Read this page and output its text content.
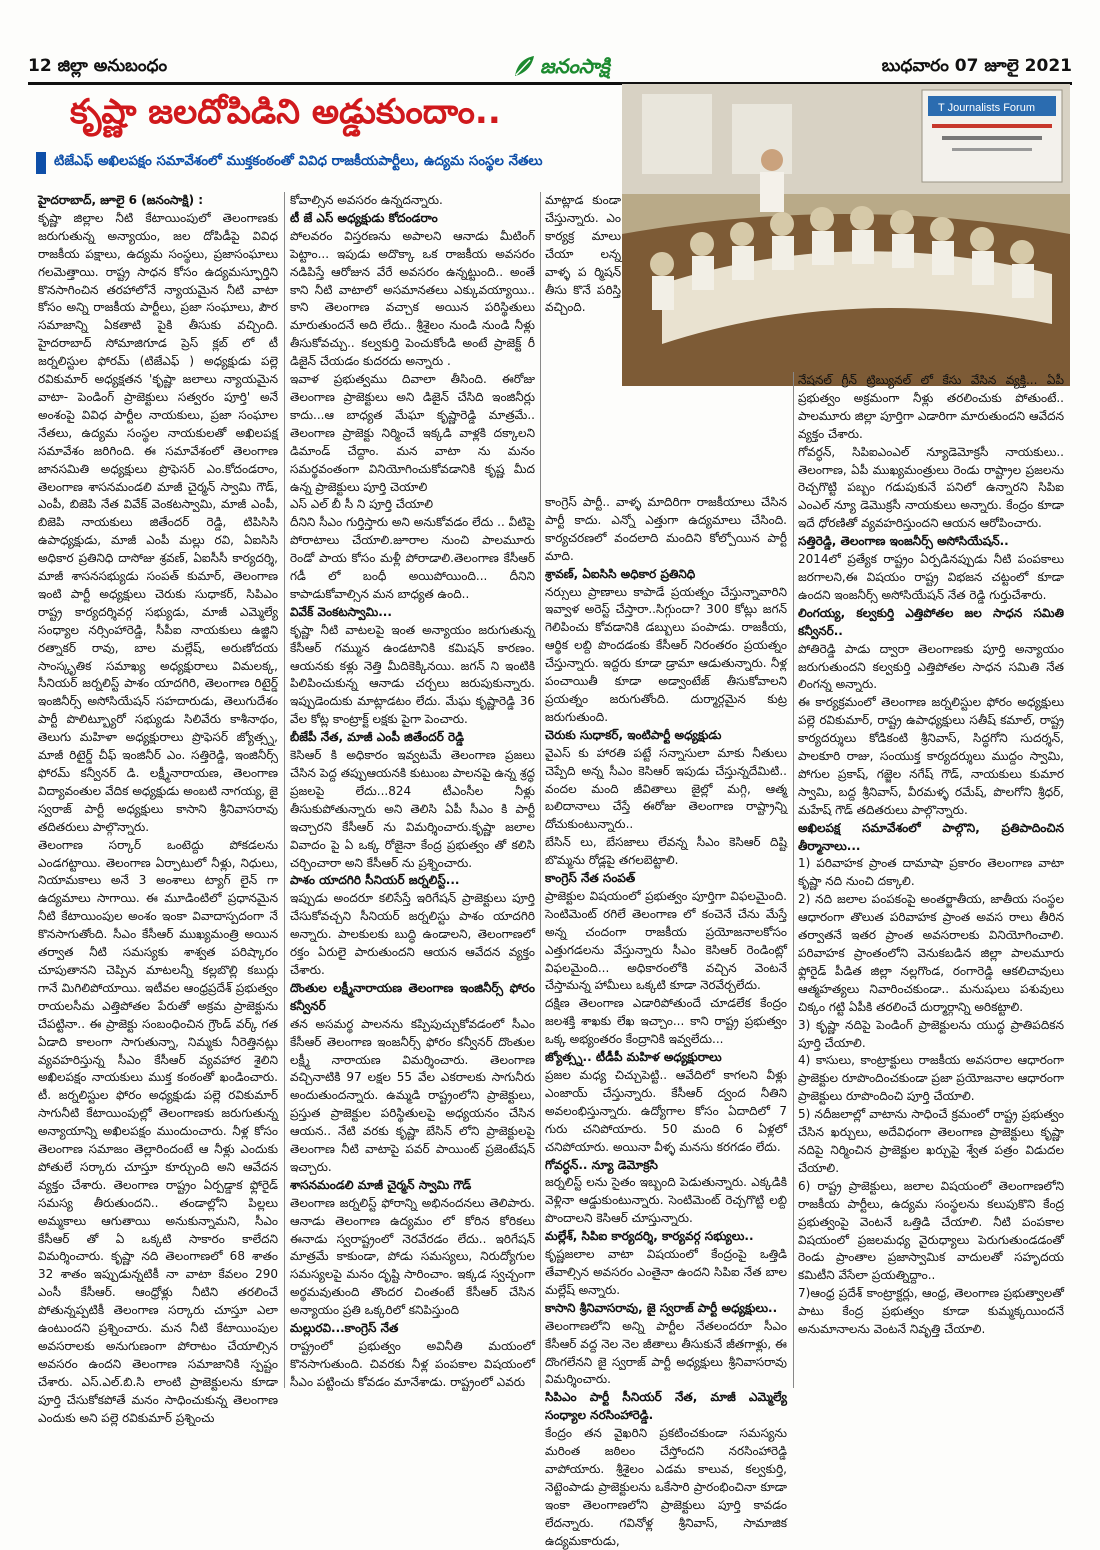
12 జిల్లా అనుబంధం	జనంసాక్షి	బుధవారం 07 జూలై 2021
కృష్ణా జలదోపిడిని అడ్డుకుందాం..
టిజేఎఫ్ అఖిలపక్షం సమావేశంలో ముక్తకంఠంతో వివిధ రాజకీయపార్టీలు, ఉద్యమ సంస్థల నేతలు
T Journalists Forum

హైదరాబాద్, జూలై 6 (జనంసాక్షి) :

కృష్ణా జిల్లాల నీటి కేటాయింపులో తెలంగాణకు జరుగుతున్న అన్యాయం, జల దోపిడీపై వివిధ రాజకీయ పక్షాలు, ఉద్యమ సంస్థలు, ప్రజాసంఘాలు గలమెత్తాయి. రాష్ట్ర సాధన కోసం ఉద్యమస్ఫూర్తిని కొనసాగించిన తరహాలోనే న్యాయమైన నీటి వాటా కోసం అన్ని రాజకీయ పార్టీలు, ప్రజా సంఘాలు, పౌర సమాజాన్ని ఏకతాటి పైకి తీసుకు వచ్చింది. హైదరాబాద్ సోమాజిగూడ ప్రెస్ క్లబ్ లో టీ జర్నలిస్టుల ఫోరమ్ (టిజేఎఫ్ ) అధ్యక్షుడు పల్లె రవికుమార్ అధ్యక్షతన 'కృష్ణా జలాలు న్యాయమైన వాటా- పెండింగ్ ప్రాజెక్టులు సత్వరం పూర్తి' అనే అంశంపై వివిధ పార్టీల నాయకులు, ప్రజా సంఘాల నేతలు, ఉద్యమ సంస్థల నాయకులతో అఖిలపక్ష సమావేశం జరిగింది. ఈ సమావేశంలో తెలంగాణ జానసమితి అధ్యక్షులు ప్రొఫెసర్ ఎం.కోదండరాం, తెలంగాణ శాసనమండలి మాజీ చైర్మన్ స్వామి గౌడ్, ఎంపీ, బిజెపి నేత వివేక్ వెంకటస్వామి, మాజీ ఎంపీ, బిజెపి నాయకులు జితేందర్ రెడ్డి, టిపిసిసి ఉపాధ్యక్షుడు, మాజీ ఎంపీ మల్లు రవి, ఏఐసిసి అధికార ప్రతినిధి దాసోజు శ్రవణ్, ఏఐసీసీ కార్యదర్శి, మాజీ శాసనసభ్యుడు సంపత్ కుమార్, తెలంగాణ ఇంటి పార్టీ అధ్యక్షులు చెరుకు సుధాకర్, సిపిఎం రాష్ట్ర కార్యదర్శివర్గ సభ్యుడు, మాజీ ఎమ్మెల్యే సంధ్యాల నర్సింహారెడ్డి, సీపీఐ నాయకులు ఉజ్జిని రత్నాకర్ రావు, బాల మల్లేష్, అరుణోదయ సాంస్కృతిక సమాఖ్య అధ్యక్షురాలు విమలక్క, సీనియర్ జర్నలిస్ట్ పాశం యాదగిరి, తెలంగాణ రిటైర్డ్ ఇంజినీర్స్ అసోసియేషన్ సహదారుడు, తెలుగుదేశం పార్టీ పొలిట్బ్యూరో సభ్యుడు సిలివేరు కాశీనాథం, తెలుగు మహిళా అధ్యక్షురాలు ప్రొఫెసర్ జ్యోత్స్న, మాజీ రిటైర్డ్ చీఫ్ ఇంజినీర్ ఎం. సత్తిరెడ్డి, ఇంజినీర్స్ ఫోరమ్ కన్వీనర్ డి. లక్ష్మీనారాయణ, తెలంగాణ విద్యావంతుల వేదిక అధ్యక్షుడు అంబటి నాగయ్య, జై స్వరాజ్ పార్టీ అధ్యక్షులు కాసాని శ్రీనివాసరావు తదితరులు పాల్గొన్నారు.

తెలంగాణ సర్కార్ ఒంటెద్దు పోకడలను ఎండగట్టాయి. తెలంగాణ ఏర్పాటులో నీళ్లు, నిధులు, నియామకాలు అనే 3 అంశాలు ట్యాగ్ లైన్ గా ఉద్యమాలు సాగాయి. ఈ మూడింటిలో ప్రధానమైన నీటి కేటాయింపుల అంశం ఇంకా వివాదాస్పదంగా నే కొనసాగుతోంది. సీఎం కేసీఆర్ ముఖ్యమంత్రి అయిన తర్వాత నీటి సమస్యకు శాశ్వత పరిష్కారం చూపుతానని చెప్పిన మాటలన్నీ కల్లబొల్లి కబుర్లు గానే మిగిలిపోయాయి. ఇటీవల ఆంధ్రప్రదేశ్ ప్రభుత్వం రాయలసీమ ఎత్తిపోతల పేరుతో అక్రమ ప్రాజెక్టును చేపట్టినా.. ఈ ప్రాజెక్టు సంబంధించిన గ్రౌండ్ వర్క్ గత ఏడాది కాలంగా సాగుతున్నా, నిమ్మకు నీరెత్తినట్లు వ్యవహరిస్తున్న సీఎం కేసీఆర్ వ్యవహార శైలిని అఖిలపక్షం నాయకులు ముక్త కంఠంతో ఖండించారు. టీ. జర్నలిస్టుల ఫోరం అధ్యక్షుడు పల్లె రవికుమార్ సాగునీటి కేటాయింపుల్లో తెలంగాణకు జరుగుతున్న అన్యాయాన్ని అఖిలపక్షం ముందుంచారు. నీళ్ల కోసం తెలంగాణ సమాజం తెల్లారిందంటే ఆ నీళ్లు ఎందుకు పోతులే సర్కారు చూస్తూ కూర్చుంది అని ఆవేదన వ్యక్తం చేశారు. తెలంగాణ రాష్ట్రం ఏర్పడ్డాక ఫ్లోరైడ్ సమస్య తీరుతుందని.. తండాల్లోని పిల్లలు అమ్మకాలు ఆగుతాయి అనుకున్నామని, సీఎం కేసీఆర్ తో ఏ ఒక్కటి సాకారం కాలేదని విమర్శించారు. కృష్ణా నది తెలంగాణలో 68 శాతం 32 శాతం ఇప్పుడున్నటికీ నా వాటా కేవలం 290 ఎంసీ కేసీఆర్. ఆంధ్రోళ్లు నీటిని తరలించే పోతున్నప్పటికీ తెలంగాణ సర్కారు చూస్తూ ఎలా ఉంటుందని ప్రశ్నించారు. మన నీటి కేటాయింపుల అవసరాలకు అనుగుణంగా పోరాటం చేయాల్సిన అవసరం ఉందని తెలంగాణ సమాజానికి స్పష్టం చేశారు. ఎస్.ఎల్.బి.సి లాంటి ప్రాజెక్టులను కూడా పూర్తి చేసుకోకపోతే మనం సాధించుకున్న తెలంగాణ ఎందుకు అని పల్లె రవికుమార్ ప్రశ్నించు

కోవాల్సిన అవసరం ఉన్నదన్నారు.

టీ జే ఎస్ అధ్యక్షుడు కోదండరాం

పోలవరం విస్తరణను అపాలని ఆనాడు మీటింగ్ పెట్టాం... ఇపుడు అదొక్కా ఒక రాజకీయ అవసరం నడిపిస్తే ఆరోజున వేరే అవసరం ఉన్నట్టుంది.. అంతే కాని నీటి వాటాలో అసమానతలు ఎక్కువయ్యాయి.. కాని తెలంగాణ వచ్చాక అయిన పరిస్థితులు మారుతుందనే అది లేదు.. శ్రీశైలం నుండి నుండి నీళ్లు తీసుకోవచ్చు.. కల్వకుర్తి పెంచుకోండి అంటే ప్రాజెక్ట్ రీ డిజైన్ చేయడం కుదరదు అన్నారు .

ఇవాళ ప్రభుత్వము దివాలా తీసింది. ఈరోజు తెలంగాణ ప్రాజెక్టులు అని డిజైన్ చేసిది ఇంజినీర్లు కాదు...ఆ బాధ్యత మేఘా కృష్ణారెడ్డి మాత్రమే.. తెలంగాణ ప్రాజెక్టు నిర్మించే ఇక్కడి వాళ్లకి దక్కాలని డిమాండ్ చేద్దాం. మన వాటా ను మనం సమర్థవంతంగా వినియోగించుకోవడానికి కృష్ణ మీద ఉన్న ప్రాజెక్టులు పూర్తి చెయాలి

ఎస్ ఎల్ బీ సీ ని పూర్తి చేయాలి

దీనిని సీఎం గుర్తిస్తారు అని అనుకోవడం లేదు .. వీటిపై పోరాటాలు చేయాలి.జూరాల నుంచి పాలమూరు రెండో పాయ కోసం మళ్లీ పోరాడాలి.తెలంగాణ కేసీఆర్ గడీ లో బంధీ అయిపోయింది... దీనిని కాపాడుకోవాల్సిన మన బాధ్యత ఉంది..

వివేక్ వెంకటస్వామి...

కృష్ణా నీటి వాటలపై ఇంత అన్యాయం జరుగుతున్న కేసీఆర్ గమ్మున ఉండటానికి కమిషన్ కారణం. ఆయనకు కళ్లు నెత్తి మీదికెక్కినయి. జగన్ ని ఇంటికి పిలిపించుకున్న ఆనాడు చర్చలు జరుపుకున్నారు. ఇప్పుడెందుకు మాట్లాడటం లేదు. మేఘ కృష్ణారెడ్డి 36 వేల కోట్ల కాంట్రాక్ట్ లక్షకు పైగా పెంచారు.

బీజేపీ నేత, మాజీ ఎంపీ జితేందర్ రెడ్డి

కెసిఆర్ కి అధికారం ఇవ్వటమే తెలంగాణ ప్రజలు చేసిన పెద్ద తప్పుఆయనకి కుటుంబ పాలనపై ఉన్న శ్రద్ధ ప్రజలపై లేదు...824 టీఎంసీల నీళ్లు తీసుకుపోతున్నారు అని తెలిసి ఏపీ సీఎం కి పార్టీ ఇచ్చారని కేసీఆర్ ను విమర్శించారు.కృష్ణా జలాల వివాదం పై ఏ ఒక్క రోజైనా కేంద్ర ప్రభుత్వం తో కలిసి చర్చించారా అని కేసీఆర్ ను ప్రశ్నించారు.

పాశం యాదగిరి సీనియర్ జర్నలిస్ట్...

ఇప్పుడు అందరూ కలిసేస్తే ఇరిగేషన్ ప్రాజెక్టులు పూర్తి చేసుకోవచ్చని సీనియర్ జర్నలిస్టు పాశం యాదగిరి అన్నారు. పాలకులకు బుద్ధి ఉండాలని, తెలంగాణలో రక్తం ఏరులై పారుతుందని ఆయన ఆవేదన వ్యక్తం చేశారు.

దొంతుల లక్ష్మీనారాయణ తెలంగాణ ఇంజినీర్స్ ఫోరం కన్వీనర్

తన అసమర్థ పాలనను కప్పిపుచ్చుకోవడంలో సీఎం కేసీఆర్ తెలంగాణ ఇంజనీర్స్ ఫోరం కన్వీనర్ దొంతుల లక్ష్మీ నారాయణ విమర్శించారు. తెలంగాణ వచ్చినాటికి 97 లక్షల 55 వేల ఎకరాలకు సాగునీరు అందుతుందన్నారు. ఉమ్మడి రాష్ట్రంలోని ప్రాజెక్టులు, ప్రస్తుత ప్రాజెక్టుల పరిస్థితులపై అధ్యయనం చేసిన ఆయన.. నేటి వరకు కృష్ణా బేసిన్ లోని ప్రాజెక్టులపై తెలంగాణ నీటి వాటాపై పవర్ పాయింట్ ప్రజెంటేషన్ ఇచ్చారు.

శాసనమండలి మాజీ చైర్మన్ స్వామి గౌడ్

తెలంగాణ జర్నలిస్ట్ ఫోరాన్ని అభినందనలు తెలిపారు. ఆనాడు తెలంగాణ ఉద్యమం లో కోరిన కోరికలు ఈనాడు స్వరాష్ట్రంలో నెరవేరడం లేదు.. ఇరిగేషన్ మాత్రమే కాకుండా, పోడు సమస్యలు, నిరుద్యోగుల సమస్యలపై మనం దృష్టి సారించాం. ఇక్కడ స్వచ్చంగా అర్థమవుతుంది తొందర చింతంటే కేసీఆర్ చేసిన అన్యాయం ప్రతి ఒక్కరిలో కనిపిస్తుంది

మల్లురవి...కాంగ్రెస్ నేత

రాష్ట్రంలో ప్రభుత్వం అవినీతి మయంలో కొనసాగుతుంది. చివరకు నీళ్ల పంపకాల విషయంలో సీఎం పట్టించు కోవడం మానేశాడు. రాష్ట్రంలో ఎవరు

మాట్లాడ కుండా చేస్తున్నారు. ఎం కార్యక్ర మాలు చేయా లన్న వాళ్ళ ప ర్మిషన్ తీసు కొనే పరిస్తి వచ్చింది.

కాంగ్రెస్ పార్టీ.. వాళ్ళ మాదిరిగా రాజకీయాలు చేసిన పార్టీ కాదు. ఎన్నో ఎత్తుగా ఉద్యమాలు చేసింది. కార్యచరణలో వందలాది మందిని కోల్పోయిన పార్టీ మాది.

శ్రావణ్, ఏఐసిసి అధికార ప్రతినిధి

నర్సులు ప్రాణాలు కాపాడే ప్రయత్నం చేస్తున్నావారిని ఇవ్వాళ అరెస్ట్ చేస్తారా..సిగ్గుందా? 300 కోట్లు జగన్ గెలిపించు కోవడానికి డబ్బులు పంపాడు. రాజకీయ, ఆర్థిక లబ్ది పొందడంకు కేసీఆర్ నిరంతరం ప్రయత్నం చేస్తున్నారు. ఇద్దరు కూడా డ్రామా ఆడుతున్నారు. నీళ్ల పంచాయితీ కూడా అడ్వాంటేజ్ తీసుకోవాలని ప్రయత్నం జరుగుతోంది. దుర్మార్గమైన కుట్ర జరుగుతుంది.

చెరుకు సుధాకర్, ఇంటిపార్టీ అధ్యక్షుడు

వైఎస్ కు హారతి పట్టే సన్నాసులా మాకు నీతులు చెప్పేది అన్న సీఎం కెసిఆర్ ఇపుడు చేస్తున్నదేమిటి.. వందల మంది జీవితాలు జైల్లో మగ్గి, ఆత్మ బలిదానాలు చేస్తే ఈరోజు తెలంగాణ రాష్ట్రాన్ని దోచుకుంటున్నారు..

బేసిన్ లు, బేసజాలు లేవన్న సీఎం కెసిఆర్ దిష్టి బొమ్మను రోడ్లపై తగలబెట్టాలి.

కాంగ్రెస్ నేత సంపత్

ప్రాజెక్టుల విషయంలో ప్రభుత్వం పూర్తిగా విఫలమైంది. సెంటిమెంట్ రగిలే తెలంగాణ లో కంచెనే చేను మేస్తే అన్న చందంగా రాజకీయ ప్రయోజనాలకోసం ఎత్తుగడలను వేస్తున్నారు సీఎం కెసిఆర్ రెండింట్లో విఫలమైంది... అధికారంలోకి వచ్చిన వెంటనే చేస్తామన్న హామీలు ఒక్కటి కూడా నెరవేర్చలేదు.

దక్షిణ తెలంగాణ ఎడారిపోతుందే చూడలేక కేంద్రం జలశక్తి శాఖకు లేఖ ఇచ్చాం... కాని రాష్ట్ర ప్రభుత్వం ఒక్క అభ్యంతరం కేంద్రానికి ఇవ్వలేదు...

జ్యోత్స్న.. టీడీపీ మహిళ అధ్యక్షురాలు

ప్రజల మధ్య చిచ్చుపెట్టి.. ఆవేదిలో కాగలని వీళ్లు ఎంజాయ్ చేస్తున్నారు. కేసీఆర్ ద్వంద నీతిని అవలంభిస్తున్నారు. ఉద్యోగాల కోసం ఏదాదిలో 7 గురు చనిపోయారు. 50 మంది 6 ఏళ్లలో చనిపోయారు. అయినా వీళ్ళ మనసు కరగడం లేదు.

గోవర్ధన్.. న్యూ డెమోక్రసి

జర్నలిస్ట్ లను సైతం ఇబ్బంది పెడుతున్నారు. ఎక్కడికి వెళ్లినా ఆడ్డుకుంటున్నారు. సెంటిమెంట్ రెచ్చగొట్టి లబ్ది పొందాలని కెసిఆర్ చూస్తున్నారు.

మల్లేశ్, సిపిఐ కార్యదర్శి, కార్యవర్గ సభ్యులు..

కృష్ణజలాల వాటా విషయంలో కేంద్రంపై ఒత్తిడి తేవాల్సిన అవసరం ఎంతైనా ఉందని సిపిఐ నేత బాల మల్లేష్ అన్నారు.

కాసాని శ్రీనివాసరావు, జై స్వరాజ్ పార్టీ అధ్యక్షులు..

తెలంగాణలోని అన్ని పార్టీల నేతలందరూ సీఎం కేసీఆర్ వద్ద నెల నెల జీతాలు తీసుకునే జీతగాళ్లు, ఈ దొంగలేనని జై స్వరాజ్ పార్టీ అధ్యక్షులు శ్రీనివాసరావు విమర్శించారు.

సిపిఎం పార్టీ సీనియర్ నేత, మాజీ ఎమ్మెల్యే సంధ్యాల నరసింహారెడ్డి.

కేంద్రం తన వైఖరిని ప్రకటించకుండా సమస్యను మరింత జఠిలం చేస్తోందని నరసింహారెడ్డి వాపోయారు. శ్రీశైలం ఎడమ కాలువ, కల్వకుర్తి, నెట్టెంపాడు ప్రాజెక్టులను ఒకేసారి ప్రారంభించినా కూడా ఇంకా తెలంగాణలోని ప్రాజెక్టులు పూర్తి కావడం లేదన్నారు. గవినోళ్ల శ్రీనివాస్, సామాజిక ఉద్యమకారుడు,

నేషనల్ గ్రీన్ ట్రిబ్యునల్ లో కేసు వేసిన వ్యక్తి... ఏపీ ప్రభుత్వం అక్రమంగా నీళ్లు తరలించుకు పోతుంటే.. పాలమూరు జిల్లా పూర్తిగా ఎడారిగా మారుతుందని ఆవేదన వ్యక్తం చేశారు.

గోవర్ధన్, సిపిఐఎంఎల్ న్యూడెమోక్రసీ నాయకులు.. తెలంగాణ, ఏపీ ముఖ్యమంత్రులు రెండు రాష్ట్రాల ప్రజలను రెచ్చగొట్టి పబ్బం గడుపుకునే పనిలో ఉన్నారని సిపిఐ ఎంఎల్ న్యూ డెమొక్రసీ నాయకులు అన్నారు. కేంద్రం కూడా ఇదే ధోరణితో వ్యవహరిస్తుందని ఆయన ఆరోపించారు.

సత్తిరెడ్డి, తెలంగాణ ఇంజనీర్స్ అసోసియేషన్..

2014లో ప్రత్యేక రాష్ట్రం ఏర్పడినప్పుడు నీటి పంపకాలు జరగాలని,ఈ విషయం రాష్ట్ర విభజన చట్టంలో కూడా ఉందని ఇంజనీర్స్ అసోసియేషన్ నేత రెడ్డి గుర్తుచేశారు.

లింగయ్య, కల్వకుర్తి ఎత్తిపోతల జల సాధన సమితి కన్వీనర్..

పోతిరెడ్డి పాడు ద్వారా తెలంగాణకు పూర్తి అన్యాయం జరుగుతుందని కల్వకుర్తి ఎత్తిపోతల సాధన సమితి నేత లింగన్న అన్నారు.

ఈ కార్యక్రమంలో తెలంగాణ జర్నలిస్టుల ఫోరం అధ్యక్షులు పల్లె రవికుమార్, రాష్ట్ర ఉపాధ్యక్షులు సతీష్ కమాల్, రాష్ట్ర కార్యదర్శులు కోడికంటి శ్రీనివాస్, సిద్ధగోని సుదర్శన్, పాలకూరి రాజు, సంయుక్త కార్యదర్శులు ముద్దం స్వామి, పోగుల ప్రకాష్, గజ్జెల నగేష్ గౌడ్, నాయకులు కుమార స్వామి, బద్ద శ్రీనివాస్, వీరమళ్ళ రమేష్, పొలగోని శ్రీధర్, మహేష్ గౌడ్ తదితరులు పాల్గొన్నారు.

అఖిలపక్ష సమావేశంలో పాల్గొని, ప్రతిపాదించిన తీర్మానాలు...

1) పరివాహక ప్రాంత దామాషా ప్రకారం తెలంగాణ వాటా కృష్ణా నది నుంచి దక్కాలి.

2) నది జలాల పంపకంపై అంతర్జాతీయ, జాతీయ సంస్థల ఆధారంగా తొలుత పరివాహక ప్రాంత అవస రాలు తీరిన తర్వాతనే ఇతర ప్రాంత అవసరాలకు వినియోగించాలి. పరివాహక ప్రాంతంలోని వెనుకబడిన జిల్లా పాలమూరు ఫ్లోరైడ్ పీడిత జిల్లా నల్లగొండ, రంగారెడ్డి ఆకలిచావులు ఆత్మహత్యలు నివారించకుండా.. మనుషులు పశువులు చిక్కం గట్టి ఏపీకి తరలించే దుర్మార్గాన్ని అరికట్టాలి.

3) కృష్ణా నదిపై పెండింగ్ ప్రాజెక్టులను యుద్ధ ప్రాతిపదికన పూర్తి చేయాలి.

4) కాసులు, కాంట్రాక్టులు రాజకీయ అవసరాల ఆధారంగా ప్రాజెక్టుల రూపొందించకుండా ప్రజా ప్రయోజనాల ఆధారంగా ప్రాజెక్టులు రూపొందించి పూర్తి చేయాలి.

5) నదీజలాల్లో వాటాను సాధించే క్రమంలో రాష్ట్ర ప్రభుత్వం చేసిన ఖర్చులు, అదేవిధంగా తెలంగాణ ప్రాజెక్టులు కృష్ణా నదిపై నిర్మించిన ప్రాజెక్టుల ఖర్చుపై శ్వేత పత్రం విడుదల చేయాలి.

6) రాష్ట్ర ప్రాజెక్టులు, జలాల విషయంలో తెలంగాణలోని రాజకీయ పార్టీలు, ఉద్యమ సంస్థలను కలుపుకొని కేంద్ర ప్రభుత్వంపై వెంటనే ఒత్తిడి చేయాలి. నీటి పంపకాల విషయంలో ప్రజలమధ్య వైరుధ్యాలు పెరుగుతుండడంతో రెండు ప్రాంతాల ప్రజాస్వామిక వాదులతో సహృదయ కమిటీని వేసేలా ప్రయత్నిద్దాం..

7)ఆంధ్ర ప్రదేశ్ కాంట్రాక్టర్లు, ఆంధ్ర, తెలంగాణ ప్రభుత్వాలతో పాటు కేంద్ర ప్రభుత్వం కూడా కుమ్మక్కయిందనే అనుమానాలను వెంటనే నివృత్తి చేయాలి.
